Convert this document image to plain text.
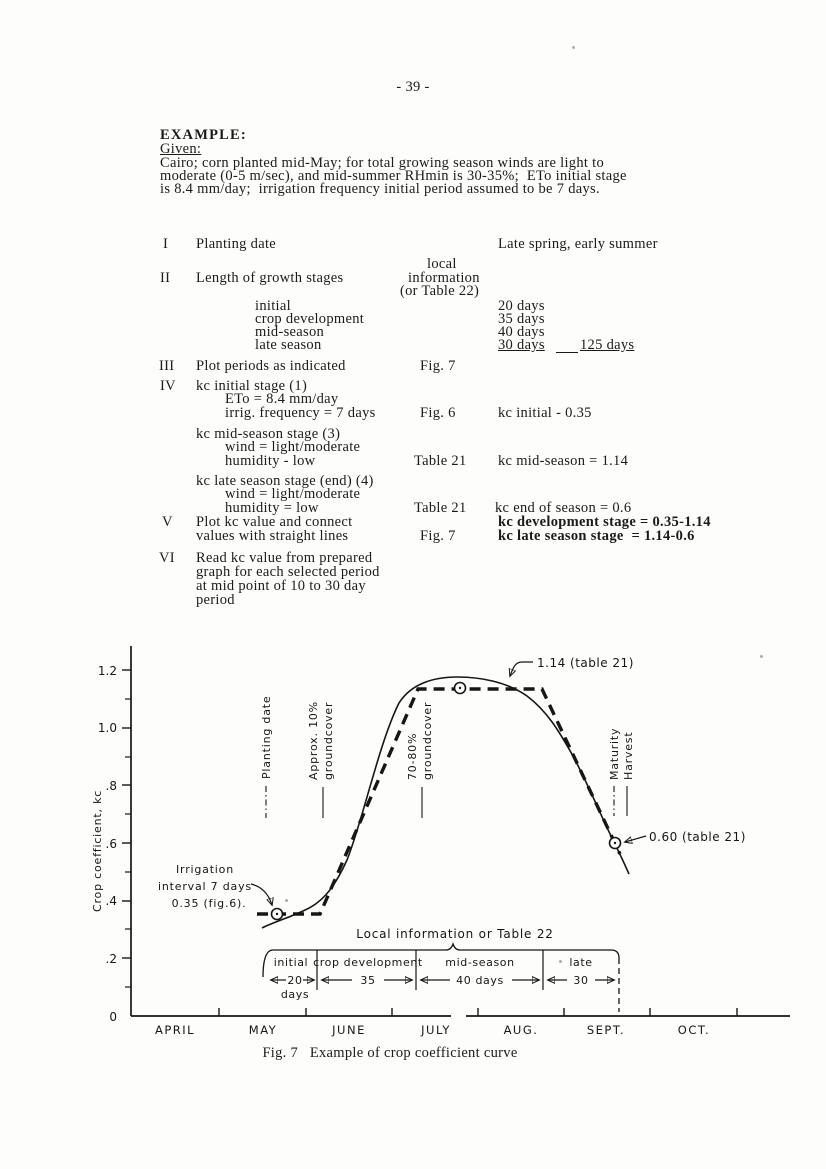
- 39 -
EXAMPLE:
Given:
Cairo; corn planted mid-May; for total growing season winds are light to
moderate (0-5 m/sec), and mid-summer RHmin is 30-35%;  ETo initial stage
is 8.4 mm/day;  irrigation frequency initial period assumed to be 7 days.
I Planting date	Late spring, early summer
local
II Length of growth stages	information
(or Table 22)
initial	20 days
crop development	35 days
mid-season	40 days
late season	30 days 125 days
III Plot periods as indicated	Fig. 7
IV kc initial stage (1)
ETo = 8.4 mm/day
irrig. frequency = 7 days	Fig. 6	kc initial - 0.35
kc mid-season stage (3)
wind = light/moderate
humidity - low	Table 21 kc mid-season = 1.14
kc late season stage (end) (4)
wind = light/moderate
humidity = low	Table 21 kc end of season = 0.6
V Plot kc value and connect	kc development stage = 0.35-1.14
values with straight lines	Fig. 7	kc late season stage  = 1.14-0.6
VI Read kc value from prepared
graph for each selected period
at mid point of 10 to 30 day
period
1.2
1.0
.8
.6
.4
.2
0
Crop coefficient, kc
APRIL	MAY	JUNE	JULY	AUG.	SEPT.	OCT.
Planting date	Approx. 10% groundcover	70-80% groundcover	Maturity Harvest
1.14 (table 21)
0.60 (table 21)
Irrigation
interval 7 days
0.35 (fig.6).
Local information or Table 22
initial crop development mid-season	late
20
days
35	40 days	30
Fig. 7   Example of crop coefficient curve
